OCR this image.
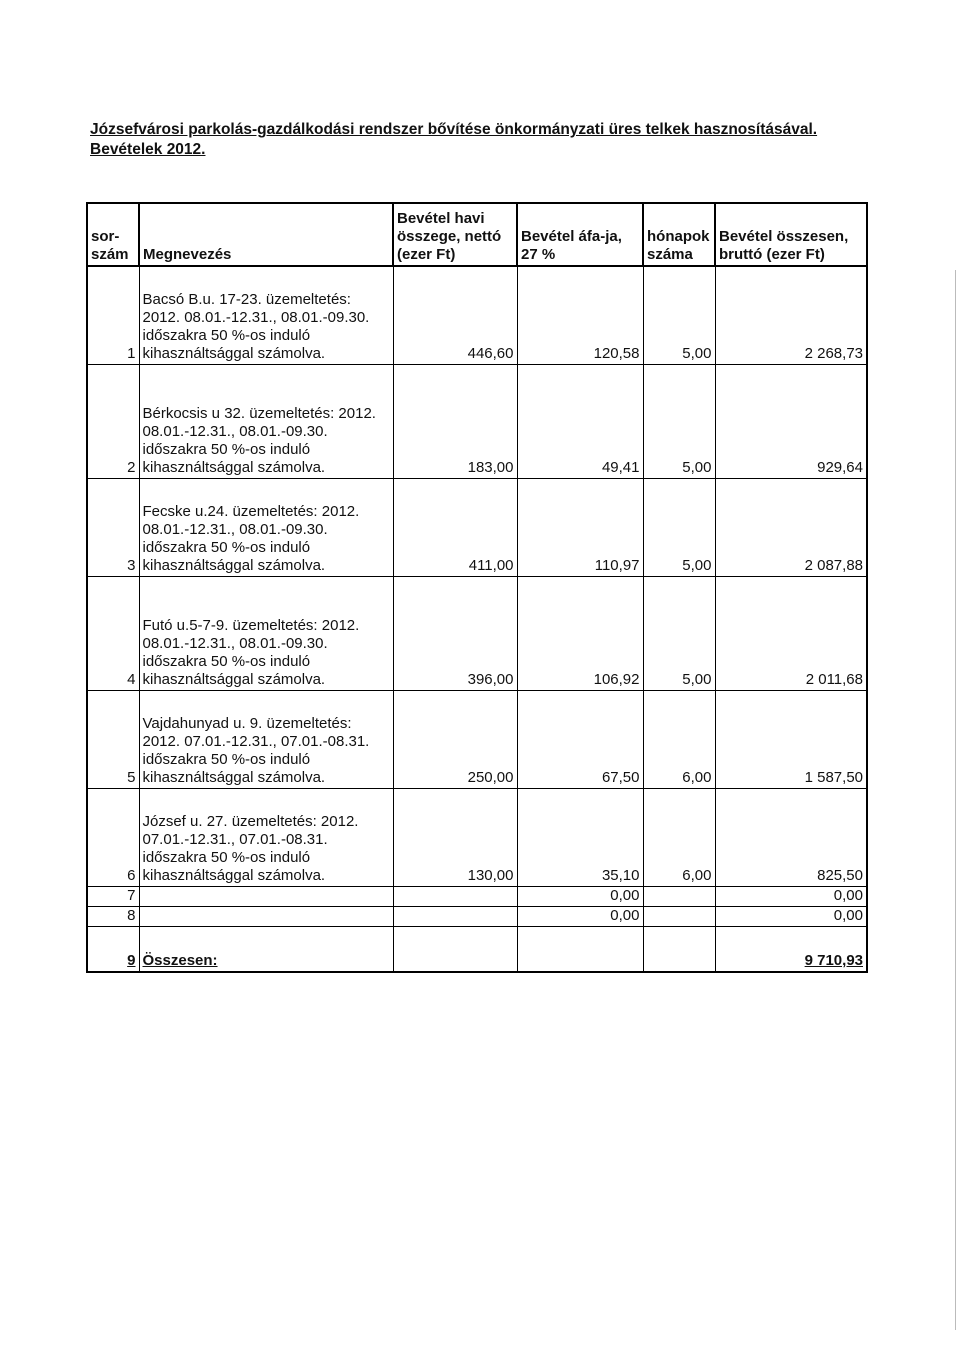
Józsefvárosi parkolás-gazdálkodási rendszer bővítése önkormányzati üres telkek hasznosításával.
Bevételek 2012.
sor-
szám	Megnevezés	Bevétel havi összege, nettó (ezer Ft)	Bevétel áfa-ja, 27 %	hónapok száma	Bevétel összesen, bruttó (ezer Ft)
1	Bacsó B.u. 17-23. üzemeltetés:
2012. 08.01.-12.31., 08.01.-09.30.
időszakra 50 %-os induló
kihasználtsággal számolva.	446,60	120,58	5,00	2 268,73
2	Bérkocsis u 32. üzemeltetés: 2012.
08.01.-12.31., 08.01.-09.30.
időszakra 50 %-os induló
kihasználtsággal számolva.	183,00	49,41	5,00	929,64
3	Fecske u.24. üzemeltetés: 2012.
08.01.-12.31., 08.01.-09.30.
időszakra 50 %-os induló
kihasználtsággal számolva.	411,00	110,97	5,00	2 087,88
4	Futó u.5-7-9. üzemeltetés: 2012.
08.01.-12.31., 08.01.-09.30.
időszakra 50 %-os induló
kihasználtsággal számolva.	396,00	106,92	5,00	2 011,68
5	Vajdahunyad u. 9. üzemeltetés:
2012. 07.01.-12.31., 07.01.-08.31.
időszakra 50 %-os induló
kihasználtsággal számolva.	250,00	67,50	6,00	1 587,50
6	József u. 27. üzemeltetés: 2012.
07.01.-12.31., 07.01.-08.31.
időszakra 50 %-os induló
kihasználtsággal számolva.	130,00	35,10	6,00	825,50
7			0,00		0,00
8			0,00		0,00

9	Összesen:				9 710,93
